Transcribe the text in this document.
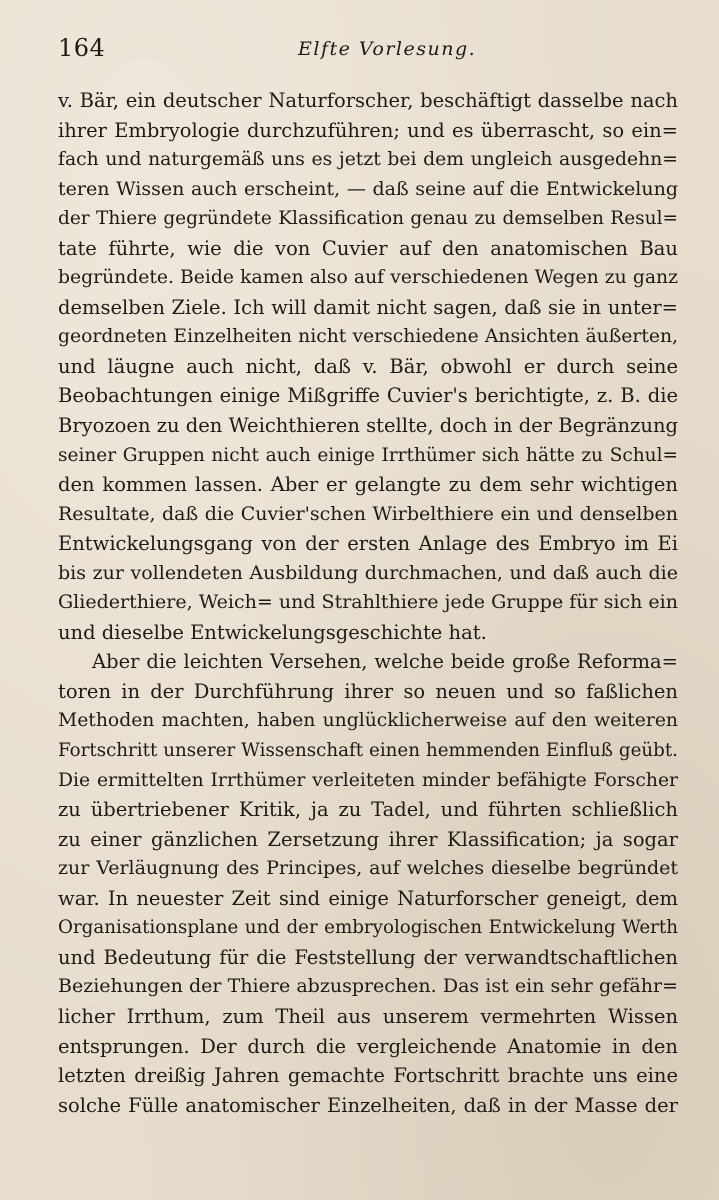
164	Elfte Vorlesung.
v. Bär, ein deutscher Naturforscher, beschäftigt dasselbe nach
ihrer Embryologie durchzuführen; und es überrascht, so ein=
fach und naturgemäß uns es jetzt bei dem ungleich ausgedehn=
teren Wissen auch erscheint, — daß seine auf die Entwickelung
der Thiere gegründete Klassification genau zu demselben Resul=
tate führte, wie die von Cuvier auf den anatomischen Bau
begründete. Beide kamen also auf verschiedenen Wegen zu ganz
demselben Ziele. Ich will damit nicht sagen, daß sie in unter=
geordneten Einzelheiten nicht verschiedene Ansichten äußerten,
und läugne auch nicht, daß v. Bär, obwohl er durch seine
Beobachtungen einige Mißgriffe Cuvier's berichtigte, z. B. die
Bryozoen zu den Weichthieren stellte, doch in der Begränzung
seiner Gruppen nicht auch einige Irrthümer sich hätte zu Schul=
den kommen lassen. Aber er gelangte zu dem sehr wichtigen
Resultate, daß die Cuvier'schen Wirbelthiere ein und denselben
Entwickelungsgang von der ersten Anlage des Embryo im Ei
bis zur vollendeten Ausbildung durchmachen, und daß auch die
Gliederthiere, Weich= und Strahlthiere jede Gruppe für sich ein
und dieselbe Entwickelungsgeschichte hat.
Aber die leichten Versehen, welche beide große Reforma=
toren in der Durchführung ihrer so neuen und so faßlichen
Methoden machten, haben unglücklicherweise auf den weiteren
Fortschritt unserer Wissenschaft einen hemmenden Einfluß geübt.
Die ermittelten Irrthümer verleiteten minder befähigte Forscher
zu übertriebener Kritik, ja zu Tadel, und führten schließlich
zu einer gänzlichen Zersetzung ihrer Klassification; ja sogar
zur Verläugnung des Principes, auf welches dieselbe begründet
war. In neuester Zeit sind einige Naturforscher geneigt, dem
Organisationsplane und der embryologischen Entwickelung Werth
und Bedeutung für die Feststellung der verwandtschaftlichen
Beziehungen der Thiere abzusprechen. Das ist ein sehr gefähr=
licher Irrthum, zum Theil aus unserem vermehrten Wissen
entsprungen. Der durch die vergleichende Anatomie in den
letzten dreißig Jahren gemachte Fortschritt brachte uns eine
solche Fülle anatomischer Einzelheiten, daß in der Masse der
